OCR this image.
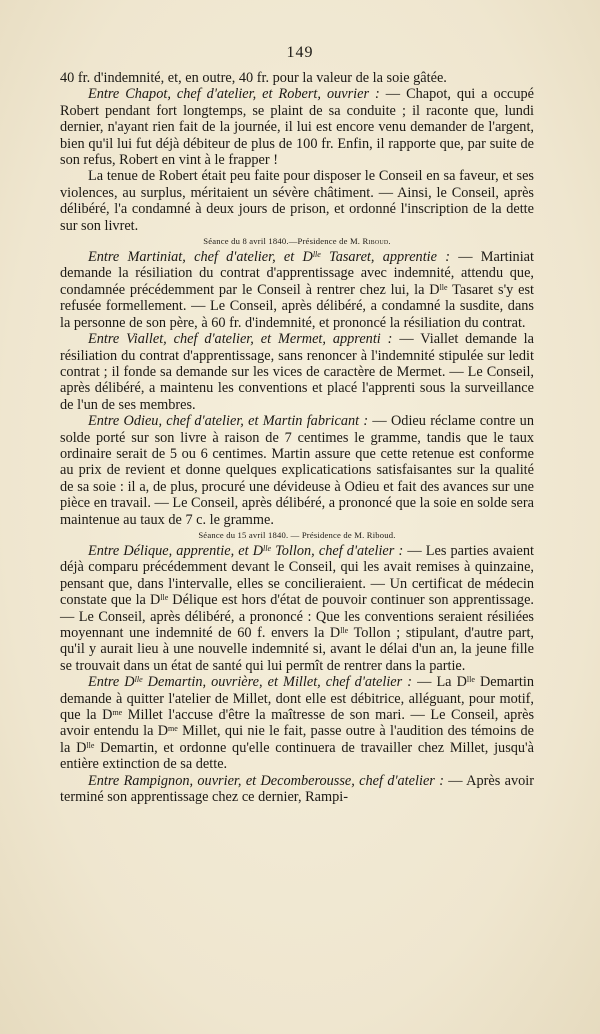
149

40 fr. d'indemnité, et, en outre, 40 fr. pour la valeur de la soie gâtée.

Entre Chapot, chef d'atelier, et Robert, ouvrier : — Chapot, qui a occupé Robert pendant fort longtemps, se plaint de sa conduite ; il raconte que, lundi dernier, n'ayant rien fait de la journée, il lui est encore venu demander de l'argent, bien qu'il lui fut déjà débiteur de plus de 100 fr. Enfin, il rapporte que, par suite de son refus, Robert en vint à le frapper !

La tenue de Robert était peu faite pour disposer le Conseil en sa faveur, et ses violences, au surplus, méritaient un sévère châtiment. — Ainsi, le Conseil, après délibéré, l'a condamné à deux jours de prison, et ordonné l'inscription de la dette sur son livret.

Séance du 8 avril 1840.—Présidence de M. Riboud.

Entre Martiniat, chef d'atelier, et $D^{lle}$ Tasaret, apprentie : — Martiniat demande la résiliation du contrat d'apprentissage avec indemnité, attendu que, condamnée précédemment par le Conseil à rentrer chez lui, la $D^{lle}$ Tasaret s'y est refusée formellement. — Le Conseil, après délibéré, a condamné la susdite, dans la personne de son père, à 60 fr. d'indemnité, et prononcé la résiliation du contrat.

Entre Viallet, chef d'atelier, et Mermet, apprenti : — Viallet demande la résiliation du contrat d'apprentissage, sans renoncer à l'indemnité stipulée sur ledit contrat ; il fonde sa demande sur les vices de caractère de Mermet. — Le Conseil, après délibéré, a maintenu les conventions et placé l'apprenti sous la surveillance de l'un de ses membres.

Entre Odieu, chef d'atelier, et Martin fabricant : — Odieu réclame contre un solde porté sur son livre à raison de 7 centimes le gramme, tandis que le taux ordinaire serait de 5 ou 6 centimes. Martin assure que cette retenue est conforme au prix de revient et donne quelques explicatications satisfaisantes sur la qualité de sa soie : il a, de plus, procuré une dévideuse à Odieu et fait des avances sur une pièce en travail. — Le Conseil, après délibéré, a prononcé que la soie en solde sera maintenue au taux de 7 c. le gramme.

Séance du 15 avril 1840. — Présidence de M. Riboud.

Entre Délique, apprentie, et $D^{lle}$ Tollon, chef d'atelier : — Les parties avaient déjà comparu précédemment devant le Conseil, qui les avait remises à quinzaine, pensant que, dans l'intervalle, elles se concilieraient. — Un certificat de médecin constate que la $D^{lle}$ Délique est hors d'état de pouvoir continuer son apprentissage. — Le Conseil, après délibéré, a prononcé : Que les conventions seraient résiliées moyennant une indemnité de 60 f. envers la $D^{lle}$ Tollon ; stipulant, d'autre part, qu'il y aurait lieu à une nouvelle indemnité si, avant le délai d'un an, la jeune fille se trouvait dans un état de santé qui lui permît de rentrer dans la partie.

Entre $D^{lle}$ Demartin, ouvrière, et Millet, chef d'atelier : — La $D^{lle}$ Demartin demande à quitter l'atelier de Millet, dont elle est débitrice, alléguant, pour motif, que la $D^{me}$ Millet l'accuse d'être la maîtresse de son mari. — Le Conseil, après avoir entendu la $D^{me}$ Millet, qui nie le fait, passe outre à l'audition des témoins de la $D^{lle}$ Demartin, et ordonne qu'elle continuera de travailler chez Millet, jusqu'à entière extinction de sa dette.

Entre Rampignon, ouvrier, et Decomberousse, chef d'atelier : — Après avoir terminé son apprentissage chez ce dernier, Rampi-
